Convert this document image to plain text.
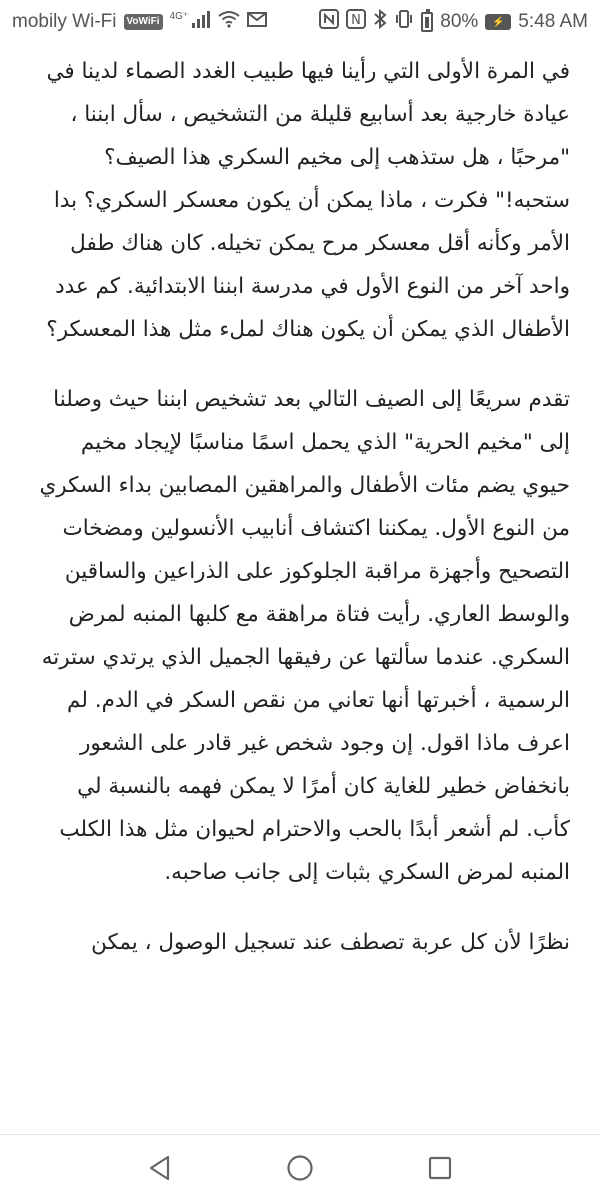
mobily Wi-Fi	VoWiFi	4G⁺	N	80%	⚡ 5:48 AM

في المرة الأولى التي رأينا فيها طبيب الغدد الصماء لدينا في عيادة خارجية بعد أسابيع قليلة من التشخيص ، سأل ابننا ، "مرحبًا ، هل ستذهب إلى مخيم السكري هذا الصيف؟ ستحبه!" فكرت ، ماذا يمكن أن يكون معسكر السكري؟ بدا الأمر وكأنه أقل معسكر مرح يمكن تخيله. كان هناك طفل واحد آخر من النوع الأول في مدرسة ابننا الابتدائية. كم عدد الأطفال الذي يمكن أن يكون هناك لملء مثل هذا المعسكر؟

تقدم سريعًا إلى الصيف التالي بعد تشخيص ابننا حيث وصلنا إلى "مخيم الحرية" الذي يحمل اسمًا مناسبًا لإيجاد مخيم حيوي يضم مئات الأطفال والمراهقين المصابين بداء السكري من النوع الأول. يمكننا اكتشاف أنابيب الأنسولين ومضخات التصحيح وأجهزة مراقبة الجلوكوز على الذراعين والساقين والوسط العاري. رأيت فتاة مراهقة مع كلبها المنبه لمرض السكري. عندما سألتها عن رفيقها الجميل الذي يرتدي سترته الرسمية ، أخبرتها أنها تعاني من نقص السكر في الدم. لم اعرف ماذا اقول. إن وجود شخص غير قادر على الشعور بانخفاض خطير للغاية كان أمرًا لا يمكن فهمه بالنسبة لي كأب. لم أشعر أبدًا بالحب والاحترام لحيوان مثل هذا الكلب المنبه لمرض السكري بثبات إلى جانب صاحبه.

نظرًا لأن كل عربة تصطف عند تسجيل الوصول ، يمكن
